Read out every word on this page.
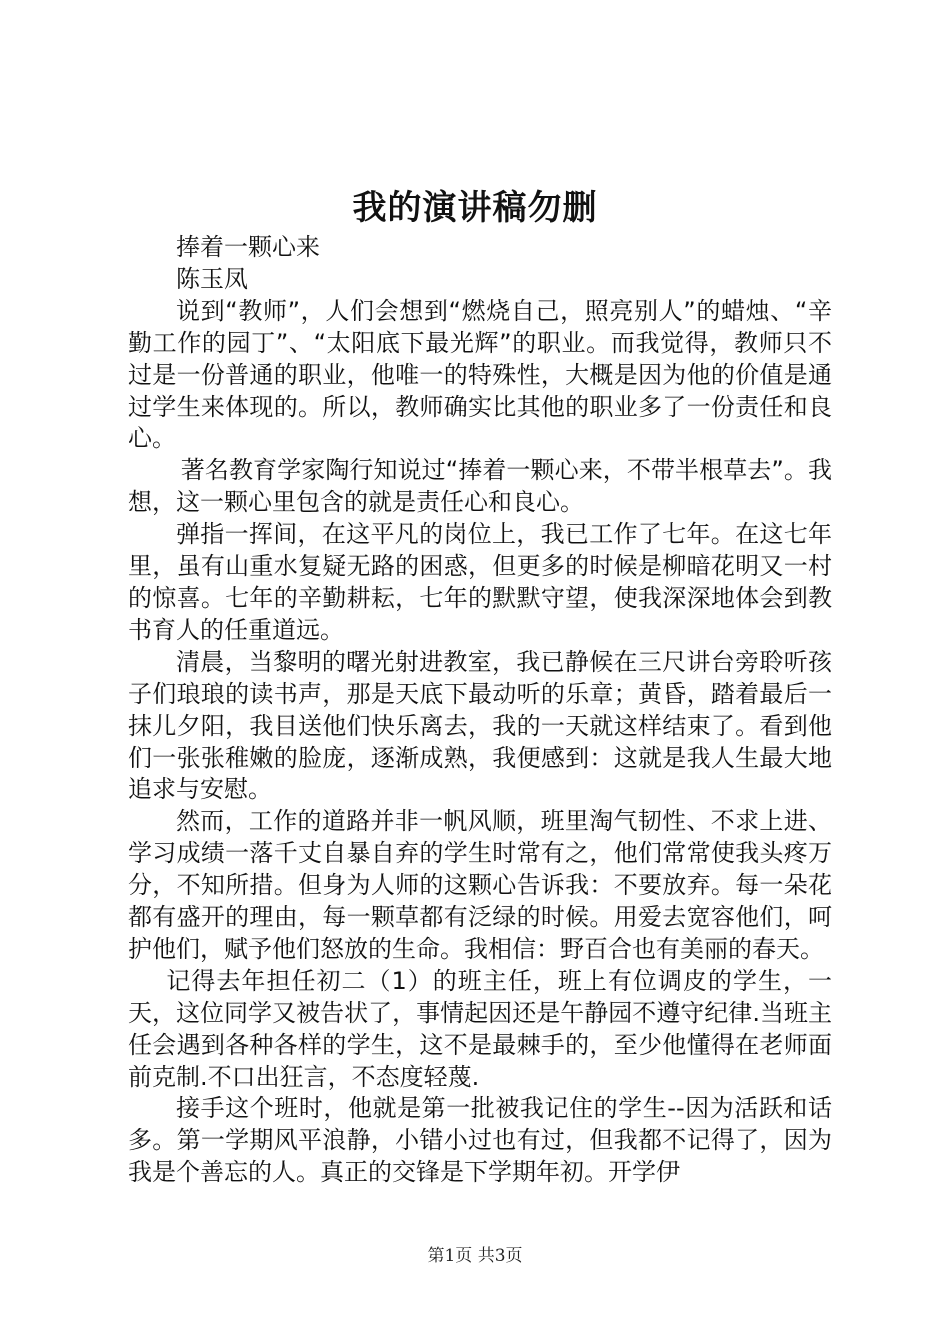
我的演讲稿勿删

捧着一颗心来

陈玉凤

说到“教师”，人们会想到“燃烧自己，照亮别人”的蜡烛、“辛勤工作的园丁”、“太阳底下最光辉”的职业。而我觉得，教师只不过是一份普通的职业，他唯一的特殊性，大概是因为他的价值是通过学生来体现的。所以，教师确实比其他的职业多了一份责任和良心。

著名教育学家陶行知说过“捧着一颗心来，不带半根草去”。我想，这一颗心里包含的就是责任心和良心。

弹指一挥间，在这平凡的岗位上，我已工作了七年。在这七年里，虽有山重水复疑无路的困惑，但更多的时候是柳暗花明又一村的惊喜。七年的辛勤耕耘，七年的默默守望，使我深深地体会到教书育人的任重道远。

清晨，当黎明的曙光射进教室，我已静候在三尺讲台旁聆听孩子们琅琅的读书声，那是天底下最动听的乐章；黄昏，踏着最后一抹儿夕阳，我目送他们快乐离去，我的一天就这样结束了。看到他们一张张稚嫩的脸庞，逐渐成熟，我便感到：这就是我人生最大地追求与安慰。

然而，工作的道路并非一帆风顺，班里淘气韧性、不求上进、学习成绩一落千丈自暴自弃的学生时常有之，他们常常使我头疼万分，不知所措。但身为人师的这颗心告诉我：不要放弃。每一朵花都有盛开的理由，每一颗草都有泛绿的时候。用爱去宽容他们，呵护他们，赋予他们怒放的生命。我相信：野百合也有美丽的春天。

记得去年担任初二（1）的班主任，班上有位调皮的学生，一天，这位同学又被告状了，事情起因还是午静园不遵守纪律.当班主任会遇到各种各样的学生，这不是最棘手的，至少他懂得在老师面前克制.不口出狂言，不态度轻蔑.

接手这个班时，他就是第一批被我记住的学生--因为活跃和话多。第一学期风平浪静，小错小过也有过，但我都不记得了，因为我是个善忘的人。真正的交锋是下学期年初。开学伊

第1页 共3页
